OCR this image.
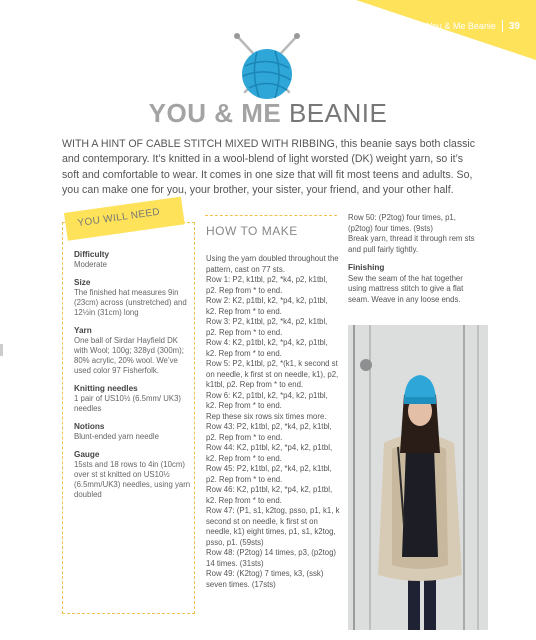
You & Me Beanie 39
YOU & ME BEANIE

WITH A HINT OF CABLE STITCH MIXED WITH RIBBING, this beanie says both classic and contemporary. It’s knitted in a wool-blend of light worsted (DK) weight yarn, so it’s soft and comfortable to wear. It comes in one size that will fit most teens and adults. So, you can make one for you, your brother, your sister, your friend, and your other half.

YOU WILL NEED
Difficulty
Moderate
Size
The finished hat measures 9in (23cm) across (unstretched) and 12½in (31cm) long
Yarn
One ball of Sirdar Hayfield DK with Wool; 100g; 328yd (300m); 80% acrylic, 20% wool. We’ve used color 97 Fisherfolk.
Knitting needles
1 pair of US10½ (6.5mm/ UK3) needles
Notions
Blunt-ended yarn needle
Gauge
15sts and 18 rows to 4in (10cm) over st st knitted on US10½ (6.5mm/UK3) needles, using yarn doubled
HOW TO MAKE

Using the yarn doubled throughout the pattern, cast on 77 sts.

Row 1: P2, k1tbl, p2, *k4, p2, k1tbl, p2. Rep from * to end.

Row 2: K2, p1tbl, k2, *p4, k2, p1tbl, k2. Rep from * to end.

Row 3: P2, k1tbl, p2, *k4, p2, k1tbl, p2. Rep from * to end.

Row 4: K2, p1tbl, k2, *p4, k2, p1tbl, k2. Rep from * to end.

Row 5: P2, k1tbl, p2, *(k1, k second st on needle, k first st on needle, k1), p2, k1tbl, p2. Rep from * to end.

Row 6: K2, p1tbl, k2, *p4, k2, p1tbl, k2. Rep from * to end.

Rep these six rows six times more.

Row 43: P2, k1tbl, p2, *k4, p2, k1tbl, p2. Rep from * to end.

Row 44: K2, p1tbl, k2, *p4, k2, p1tbl, k2. Rep from * to end.

Row 45: P2, k1tbl, p2, *k4, p2, k1tbl, p2. Rep from * to end.

Row 46: K2, p1tbl, k2, *p4, k2, p1tbl, k2. Rep from * to end.

Row 47: (P1, s1, k2tog, psso, p1, k1, k second st on needle, k first st on needle, k1) eight times, p1, s1, k2tog, psso, p1. (59sts)

Row 48: (P2tog) 14 times, p3, (p2tog) 14 times. (31sts)

Row 49: (K2tog) 7 times, k3, (ssk) seven times. (17sts)

Row 50: (P2tog) four times, p1, (p2tog) four times. (9sts)
Break yarn, thread it through rem sts and pull fairly tightly.
Finishing
Sew the seam of the hat together using mattress stitch to give a flat seam. Weave in any loose ends.
